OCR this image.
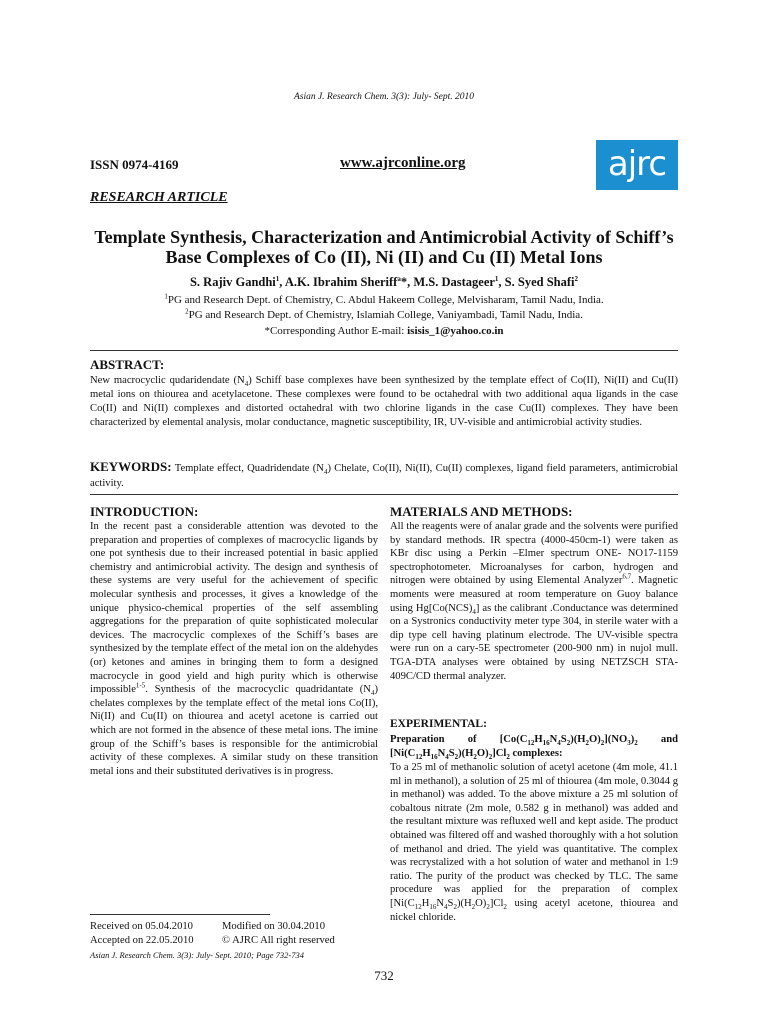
Asian J. Research Chem. 3(3): July- Sept. 2010
ISSN 0974-4169	www.ajrconline.org	ajrc
RESEARCH ARTICLE
Template Synthesis, Characterization and Antimicrobial Activity of Schiff’s
Base Complexes of Co (II), Ni (II) and Cu (II) Metal Ions
S. Rajiv Gandhi$^1$, A.K. Ibrahim Sheriff$^a$*, M.S. Dastageer$^1$, S. Syed Shafi$^2$
$^1$PG and Research Dept. of Chemistry, C. Abdul Hakeem College, Melvisharam, Tamil Nadu, India.
$^2$PG and Research Dept. of Chemistry, Islamiah College, Vaniyambadi, Tamil Nadu, India.
*Corresponding Author E-mail: isisis_1@yahoo.co.in
ABSTRACT:
New macrocyclic qudaridendate $(N_4)$ Schiff base complexes have been synthesized by the template effect of Co(II), Ni(II) and Cu(II) metal ions on thiourea and acetylacetone. These complexes were found to be octahedral with two additional aqua ligands in the case Co(II) and Ni(II) complexes and distorted octahedral with two chlorine ligands in the case Cu(II) complexes. They have been characterized by elemental analysis, molar conductance, magnetic susceptibility, IR, UV-visible and antimicrobial activity studies.
KEYWORDS: Template effect, Quadridendate $(N_4)$ Chelate, Co(II), Ni(II), Cu(II) complexes, ligand field parameters, antimicrobial activity.
INTRODUCTION:
In the recent past a considerable attention was devoted to the preparation and properties of complexes of macrocyclic ligands by one pot synthesis due to their increased potential in basic applied chemistry and antimicrobial activity. The design and synthesis of these systems are very useful for the achievement of specific molecular synthesis and processes, it gives a knowledge of the unique physico-chemical properties of the self assembling aggregations for the preparation of quite sophisticated molecular devices. The macrocyclic complexes of the Schiff’s bases are synthesized by the template effect of the metal ion on the aldehydes (or) ketones and amines in bringing them to form a designed macrocycle in good yield and high purity which is otherwise impossible$^{1-5}$. Synthesis of the macrocyclic quadridantate $(N_4)$ chelates complexes by the template effect of the metal ions Co(II), Ni(II) and Cu(II) on thiourea and acetyl acetone is carried out which are not formed in the absence of these metal ions. The imine group of the Schiff’s bases is responsible for the antimicrobial activity of these complexes. A similar study on these transition metal ions and their substituted derivatives is in progress.
Received on 05.04.2010	Modified on 30.04.2010
Accepted on 22.05.2010	© AJRC All right reserved
Asian J. Research Chem. 3(3): July- Sept. 2010; Page 732-734
MATERIALS AND METHODS:
All the reagents were of analar grade and the solvents were purified by standard methods. IR spectra (4000-450cm-1) were taken as KBr disc using a Perkin –Elmer spectrum ONE- NO17-1159 spectrophotometer. Microanalyses for carbon, hydrogen and nitrogen were obtained by using Elemental Analyzer$^{6,7}$. Magnetic moments were measured at room temperature on Guoy balance using $Hg[Co(NCS)_4]$ as the calibrant .Conductance was determined on a Systronics conductivity meter type 304, in sterile water with a dip type cell having platinum electrode. The UV-visible spectra were run on a cary-5E spectrometer (200-900 nm) in nujol mull. TGA-DTA analyses were obtained by using NETZSCH STA-409C/CD thermal analyzer.
EXPERIMENTAL:
Preparation of $[Co(C_{12}H_{16}N_4S_2)(H_2O)_2](NO_3)_2$ and $[Ni(C_{12}H_{16}N_4S_2)(H_2O)_2]Cl_2$ complexes:
To a 25 ml of methanolic solution of acetyl acetone (4m mole, 41.1 ml in methanol), a solution of 25 ml of thiourea (4m mole, 0.3044 g in methanol) was added. To the above mixture a 25 ml solution of cobaltous nitrate (2m mole, 0.582 g in methanol) was added and the resultant mixture was refluxed well and kept aside. The product obtained was filtered off and washed thoroughly with a hot solution of methanol and dried. The yield was quantitative. The complex was recrystalized with a hot solution of water and methanol in 1:9 ratio. The purity of the product was checked by TLC. The same procedure was applied for the preparation of complex $[Ni(C_{12}H_{16}N_4S_2)(H_2O)_2]Cl_2$ using acetyl acetone, thiourea and nickel chloride.
732
